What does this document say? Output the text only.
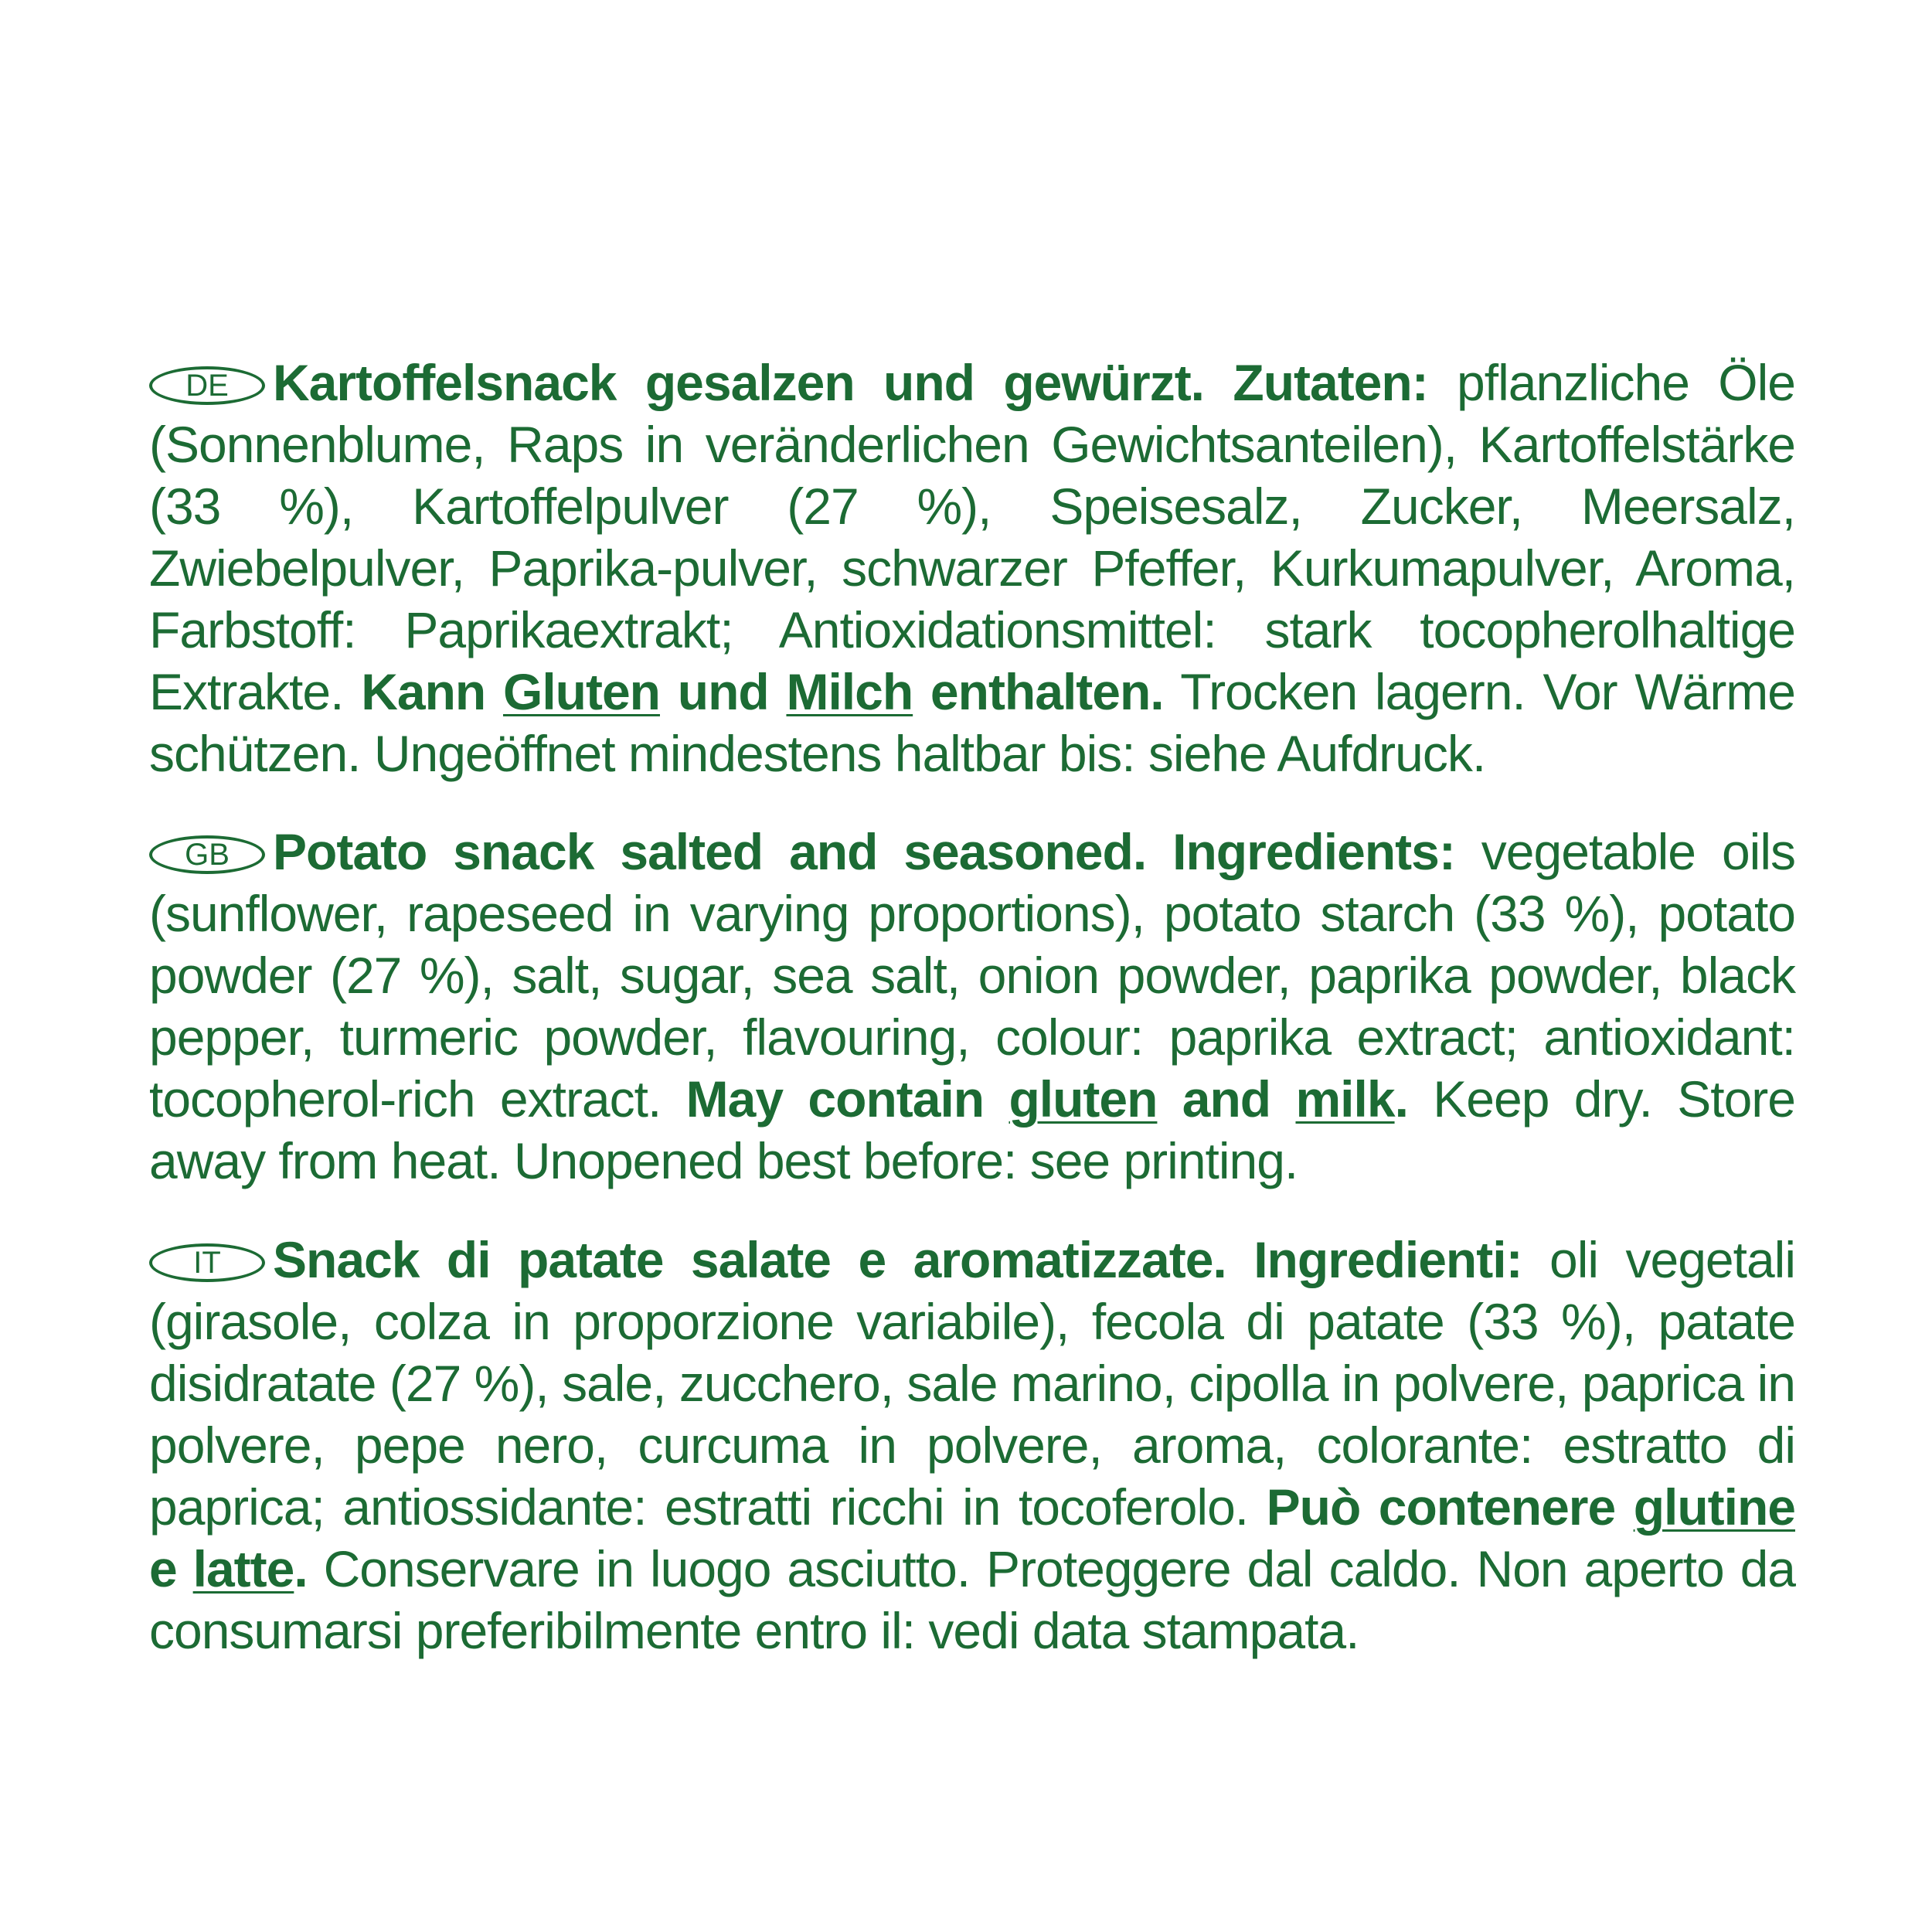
DE Kartoffelsnack gesalzen und gewürzt. Zutaten: pflanzliche Öle (Sonnenblume, Raps in veränderlichen Gewichtsanteilen), Kartoffelstärke (33 %), Kartoffelpulver (27 %), Speisesalz, Zucker, Meersalz, Zwiebelpulver, Paprika-pulver, schwarzer Pfeffer, Kurkumapulver, Aroma, Farbstoff: Paprikaextrakt; Antioxidationsmittel: stark tocopherolhaltige Extrakte. Kann Gluten und Milch enthalten. Trocken lagern. Vor Wärme schützen. Ungeöffnet mindestens haltbar bis: siehe Aufdruck.

GB Potato snack salted and seasoned. Ingredients: vegetable oils (sunflower, rapeseed in varying proportions), potato starch (33 %), potato powder (27 %), salt, sugar, sea salt, onion powder, paprika powder, black pepper, turmeric powder, flavouring, colour: paprika extract; antioxidant: tocopherol-rich extract. May contain gluten and milk. Keep dry. Store away from heat. Unopened best before: see printing.

IT Snack di patate salate e aromatizzate. Ingredienti: oli vegetali (girasole, colza in proporzione variabile), fecola di patate (33 %), patate disidratate (27 %), sale, zucchero, sale marino, cipolla in polvere, paprica in polvere, pepe nero, curcuma in polvere, aroma, colorante: estratto di paprica; antiossidante: estratti ricchi in tocoferolo. Può contenere glutine e latte. Conservare in luogo asciutto. Proteggere dal caldo. Non aperto da consumarsi preferibilmente entro il: vedi data stampata.
